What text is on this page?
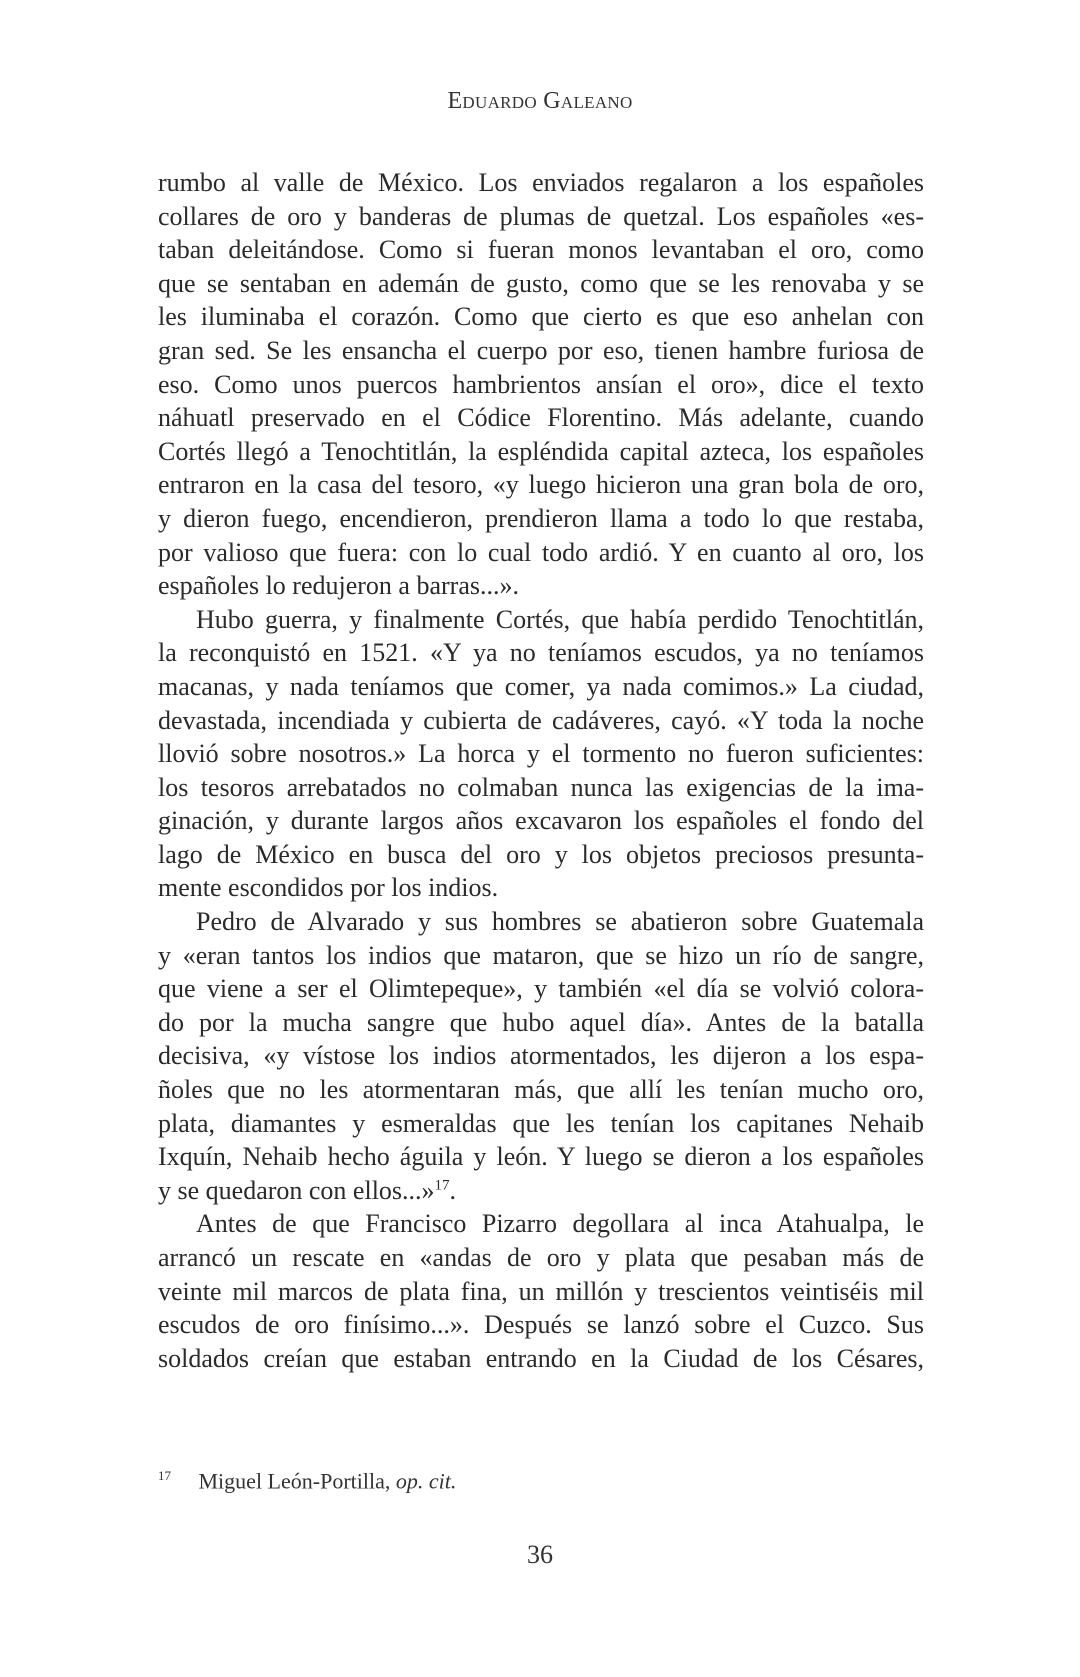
Eduardo Galeano
rumbo al valle de México. Los enviados regalaron a los españoles
collares de oro y banderas de plumas de quetzal. Los españoles «es-
taban deleitándose. Como si fueran monos levantaban el oro, como
que se sentaban en ademán de gusto, como que se les renovaba y se
les iluminaba el corazón. Como que cierto es que eso anhelan con
gran sed. Se les ensancha el cuerpo por eso, tienen hambre furiosa de
eso. Como unos puercos hambrientos ansían el oro», dice el texto
náhuatl preservado en el Códice Florentino. Más adelante, cuando
Cortés llegó a Tenochtitlán, la espléndida capital azteca, los españoles
entraron en la casa del tesoro, «y luego hicieron una gran bola de oro,
y dieron fuego, encendieron, prendieron llama a todo lo que restaba,
por valioso que fuera: con lo cual todo ardió. Y en cuanto al oro, los
españoles lo redujeron a barras...».
Hubo guerra, y finalmente Cortés, que había perdido Tenochtitlán,
la reconquistó en 1521. «Y ya no teníamos escudos, ya no teníamos
macanas, y nada teníamos que comer, ya nada comimos.» La ciudad,
devastada, incendiada y cubierta de cadáveres, cayó. «Y toda la noche
llovió sobre nosotros.» La horca y el tormento no fueron suficientes:
los tesoros arrebatados no colmaban nunca las exigencias de la ima-
ginación, y durante largos años excavaron los españoles el fondo del
lago de México en busca del oro y los objetos preciosos presunta-
mente escondidos por los indios.
Pedro de Alvarado y sus hombres se abatieron sobre Guatemala
y «eran tantos los indios que mataron, que se hizo un río de sangre,
que viene a ser el Olimtepeque», y también «el día se volvió colora-
do por la mucha sangre que hubo aquel día». Antes de la batalla
decisiva, «y vístose los indios atormentados, les dijeron a los espa-
ñoles que no les atormentaran más, que allí les tenían mucho oro,
plata, diamantes y esmeraldas que les tenían los capitanes Nehaib
Ixquín, Nehaib hecho águila y león. Y luego se dieron a los españoles
y se quedaron con ellos...»$^{17}$.
Antes de que Francisco Pizarro degollara al inca Atahualpa, le
arrancó un rescate en «andas de oro y plata que pesaban más de
veinte mil marcos de plata fina, un millón y trescientos veintiséis mil
escudos de oro finísimo...». Después se lanzó sobre el Cuzco. Sus
soldados creían que estaban entrando en la Ciudad de los Césares,
$^{17}$ Miguel León-Portilla, op. cit.
36
